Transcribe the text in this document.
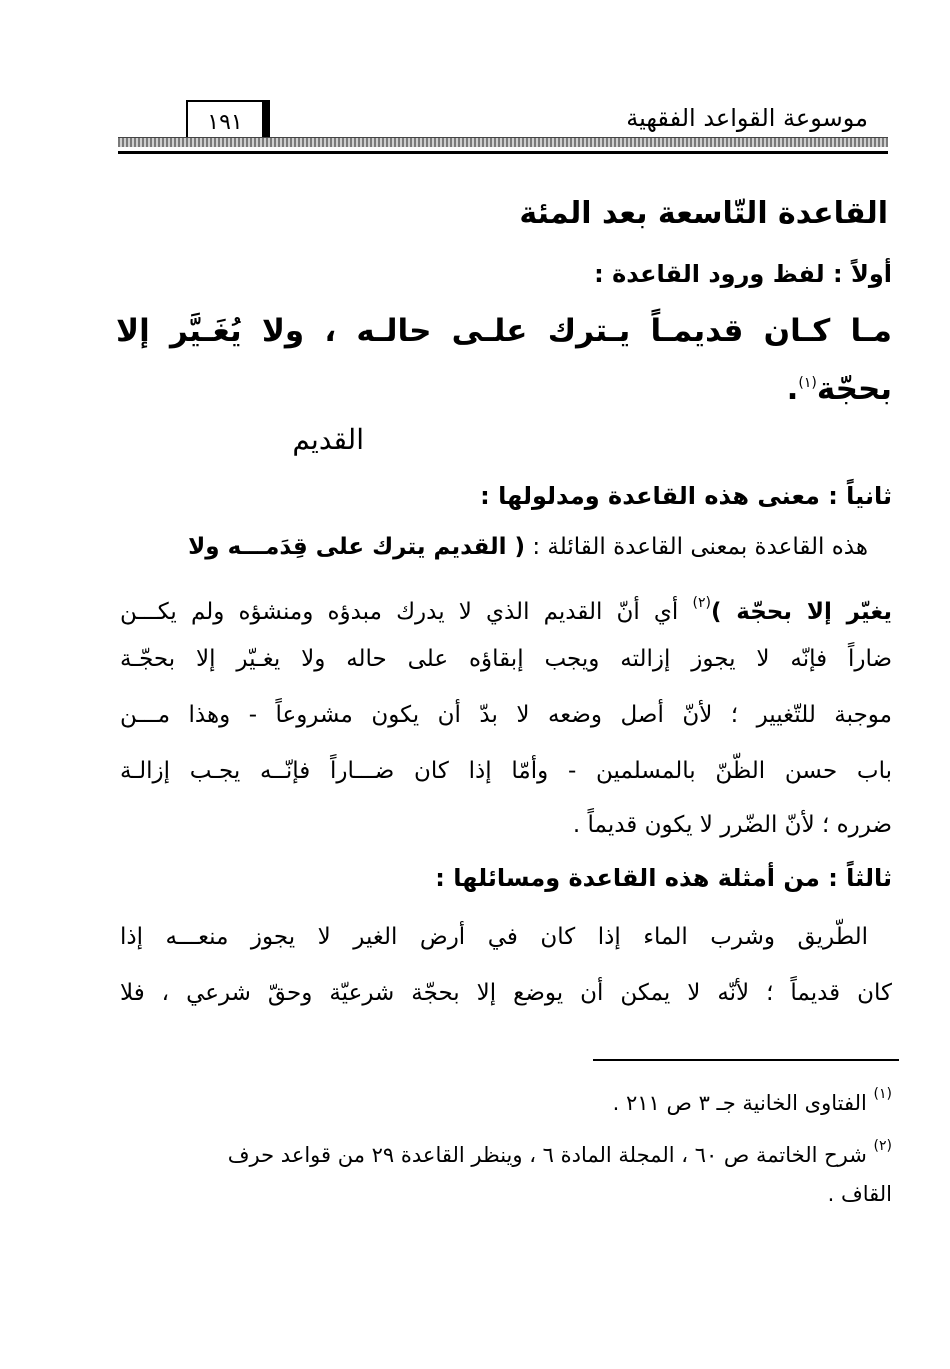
موسوعة القواعد الفقهية
١٩١
القاعدة التّاسعة بعد المئة
أولاً : لفظ ورود القاعدة :
مـا كـان قديمـاً يـترك علـى حالـه ، ولا يُغَـيَّر إلا
بحجّة$^{(١)}$.
القديم
ثانياً : معنى هذه القاعدة ومدلولها :
هذه القاعدة بمعنى القاعدة القائلة : ( القديم يترك على قِدَمـــه ولا
يغيّر إلا بحجّة )$^{(٢)}$ أي أنّ القديم الذي لا يدرك مبدؤه ومنشؤه ولم يكـــن
ضاراً فإنّه لا يجوز إزالته ويجب إبقاؤه على حاله ولا يغـيّر إلا بحجّـة
موجبة للتّغيير ؛ لأنّ أصل وضعه لا بدّ أن يكون مشروعاً - وهذا مـــن
باب حسن الظّنّ بالمسلمين - وأمّا إذا كان ضـــاراً فإنّــه يجـب إزالـة
ضرره ؛ لأنّ الضّرر لا يكون قديماً .
ثالثاً : من أمثلة هذه القاعدة ومسائلها :
الطّريق وشرب الماء إذا كان في أرض الغير لا يجوز منعـــه إذا
كان قديماً ؛ لأنّه لا يمكن أن يوضع إلا بحجّة شرعيّة وحقّ شرعي ، فلا
$^{(١)}$ الفتاوى الخانية جـ ٣ ص ٢١١ .
$^{(٢)}$ شرح الخاتمة ص ٦٠ ، المجلة المادة ٦ ، وينظر القاعدة ٢٩ من قواعد حرف
القاف .
